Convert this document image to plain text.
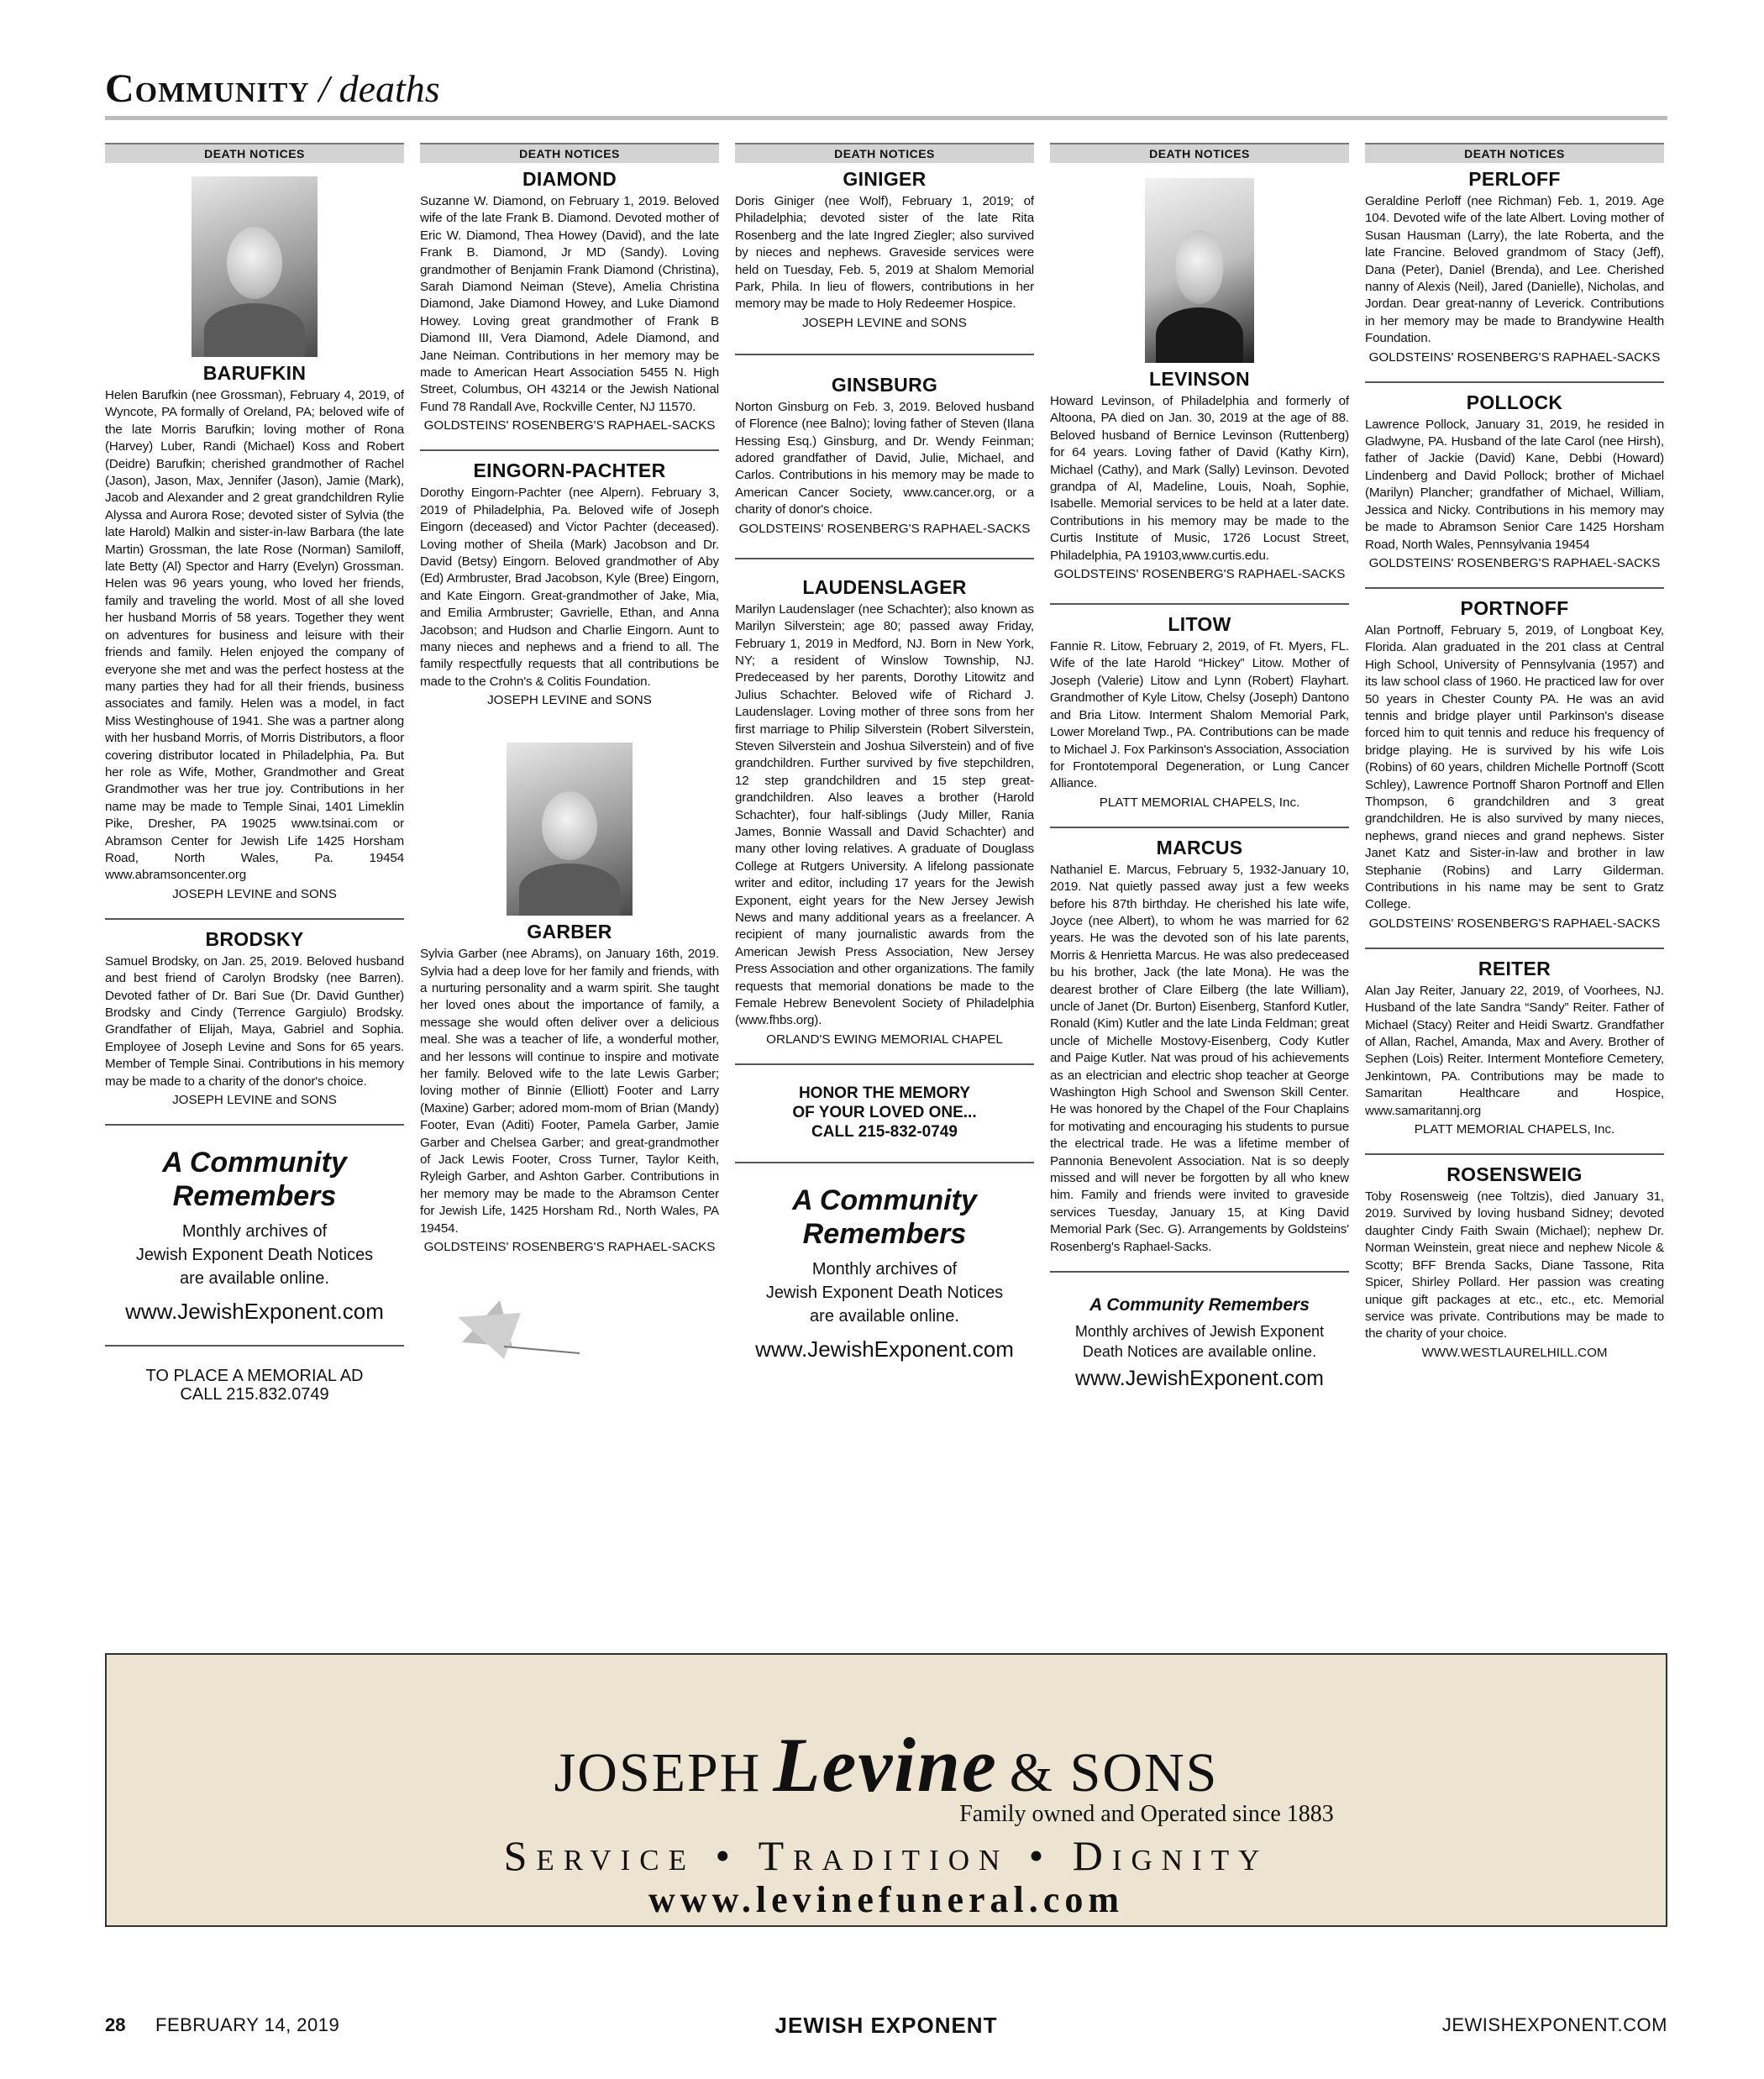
Community / deaths
DEATH NOTICES
BARUFKIN
Helen Barufkin (nee Grossman), February 4, 2019, of Wyncote, PA formally of Oreland, PA; beloved wife of the late Morris Barufkin; loving mother of Rona (Harvey) Luber, Randi (Michael) Koss and Robert (Deidre) Barufkin; cherished grandmother of Rachel (Jason), Jason, Max, Jennifer (Jason), Jamie (Mark), Jacob and Alexander and 2 great grandchildren Rylie Alyssa and Aurora Rose; devoted sister of Sylvia (the late Harold) Malkin and sister-in-law Barbara (the late Martin) Grossman, the late Rose (Norman) Samiloff, late Betty (Al) Spector and Harry (Evelyn) Grossman. Helen was 96 years young, who loved her friends, family and traveling the world. Most of all she loved her husband Morris of 58 years. Together they went on adventures for business and leisure with their friends and family. Helen enjoyed the company of everyone she met and was the perfect hostess at the many parties they had for all their friends, business associates and family. Helen was a model, in fact Miss Westinghouse of 1941. She was a partner along with her husband Morris, of Morris Distributors, a floor covering distributor located in Philadelphia, Pa. But her role as Wife, Mother, Grandmother and Great Grandmother was her true joy. Contributions in her name may be made to Temple Sinai, 1401 Limeklin Pike, Dresher, PA 19025 www.tsinai.com or Abramson Center for Jewish Life 1425 Horsham Road, North Wales, Pa. 19454 www.abramsoncenter.org
JOSEPH LEVINE and SONS
BRODSKY
Samuel Brodsky, on Jan. 25, 2019. Beloved husband and best friend of Carolyn Brodsky (nee Barren). Devoted father of Dr. Bari Sue (Dr. David Gunther) Brodsky and Cindy (Terrence Gargiulo) Brodsky. Grandfather of Elijah, Maya, Gabriel and Sophia. Employee of Joseph Levine and Sons for 65 years. Member of Temple Sinai. Contributions in his memory may be made to a charity of the donor's choice.
JOSEPH LEVINE and SONS
A Community Remembers
Monthly archives of
Jewish Exponent Death Notices
are available online.
www.JewishExponent.com
TO PLACE A MEMORIAL AD
CALL 215.832.0749
DEATH NOTICES
DIAMOND
Suzanne W. Diamond, on February 1, 2019. Beloved wife of the late Frank B. Diamond. Devoted mother of Eric W. Diamond, Thea Howey (David), and the late Frank B. Diamond, Jr MD (Sandy). Loving grandmother of Benjamin Frank Diamond (Christina), Sarah Diamond Neiman (Steve), Amelia Christina Diamond, Jake Diamond Howey, and Luke Diamond Howey. Loving great grandmother of Frank B Diamond III, Vera Diamond, Adele Diamond, and Jane Neiman. Contributions in her memory may be made to American Heart Association 5455 N. High Street, Columbus, OH 43214 or the Jewish National Fund 78 Randall Ave, Rockville Center, NJ 11570.
GOLDSTEINS' ROSENBERG'S RAPHAEL-SACKS
EINGORN-PACHTER
Dorothy Eingorn-Pachter (nee Alpern). February 3, 2019 of Philadelphia, Pa. Beloved wife of Joseph Eingorn (deceased) and Victor Pachter (deceased). Loving mother of Sheila (Mark) Jacobson and Dr. David (Betsy) Eingorn. Beloved grandmother of Aby (Ed) Armbruster, Brad Jacobson, Kyle (Bree) Eingorn, and Kate Eingorn. Great-grandmother of Jake, Mia, and Emilia Armbruster; Gavrielle, Ethan, and Anna Jacobson; and Hudson and Charlie Eingorn. Aunt to many nieces and nephews and a friend to all. The family respectfully requests that all contributions be made to the Crohn's & Colitis Foundation.
JOSEPH LEVINE and SONS
GARBER
Sylvia Garber (nee Abrams), on January 16th, 2019. Sylvia had a deep love for her family and friends, with a nurturing personality and a warm spirit. She taught her loved ones about the importance of family, a message she would often deliver over a delicious meal. She was a teacher of life, a wonderful mother, and her lessons will continue to inspire and motivate her family. Beloved wife to the late Lewis Garber; loving mother of Binnie (Elliott) Footer and Larry (Maxine) Garber; adored mom-mom of Brian (Mandy) Footer, Evan (Aditi) Footer, Pamela Garber, Jamie Garber and Chelsea Garber; and great-grandmother of Jack Lewis Footer, Cross Turner, Taylor Keith, Ryleigh Garber, and Ashton Garber. Contributions in her memory may be made to the Abramson Center for Jewish Life, 1425 Horsham Rd., North Wales, PA 19454.
GOLDSTEINS' ROSENBERG'S RAPHAEL-SACKS
DEATH NOTICES
GINIGER
Doris Giniger (nee Wolf), February 1, 2019; of Philadelphia; devoted sister of the late Rita Rosenberg and the late Ingred Ziegler; also survived by nieces and nephews. Graveside services were held on Tuesday, Feb. 5, 2019 at Shalom Memorial Park, Phila. In lieu of flowers, contributions in her memory may be made to Holy Redeemer Hospice.
JOSEPH LEVINE and SONS
GINSBURG
Norton Ginsburg on Feb. 3, 2019. Beloved husband of Florence (nee Balno); loving father of Steven (Ilana Hessing Esq.) Ginsburg, and Dr. Wendy Feinman; adored grandfather of David, Julie, Michael, and Carlos. Contributions in his memory may be made to American Cancer Society, www.cancer.org, or a charity of donor's choice.
GOLDSTEINS' ROSENBERG'S RAPHAEL-SACKS
LAUDENSLAGER
Marilyn Laudenslager (nee Schachter); also known as Marilyn Silverstein; age 80; passed away Friday, February 1, 2019 in Medford, NJ. Born in New York, NY; a resident of Winslow Township, NJ. Predeceased by her parents, Dorothy Litowitz and Julius Schachter. Beloved wife of Richard J. Laudenslager. Loving mother of three sons from her first marriage to Philip Silverstein (Robert Silverstein, Steven Silverstein and Joshua Silverstein) and of five grandchildren. Further survived by five stepchildren, 12 step grandchildren and 15 step great-grandchildren. Also leaves a brother (Harold Schachter), four half-siblings (Judy Miller, Rania James, Bonnie Wassall and David Schachter) and many other loving relatives. A graduate of Douglass College at Rutgers University. A lifelong passionate writer and editor, including 17 years for the Jewish Exponent, eight years for the New Jersey Jewish News and many additional years as a freelancer. A recipient of many journalistic awards from the American Jewish Press Association, New Jersey Press Association and other organizations. The family requests that memorial donations be made to the Female Hebrew Benevolent Society of Philadelphia (www.fhbs.org).
ORLAND'S EWING MEMORIAL CHAPEL
HONOR THE MEMORY
OF YOUR LOVED ONE...
CALL 215-832-0749
A Community Remembers
Monthly archives of
Jewish Exponent Death Notices
are available online.
www.JewishExponent.com
DEATH NOTICES
LEVINSON
Howard Levinson, of Philadelphia and formerly of Altoona, PA died on Jan. 30, 2019 at the age of 88. Beloved husband of Bernice Levinson (Ruttenberg) for 64 years. Loving father of David (Kathy Kirn), Michael (Cathy), and Mark (Sally) Levinson. Devoted grandpa of Al, Madeline, Louis, Noah, Sophie, Isabelle. Memorial services to be held at a later date. Contributions in his memory may be made to the Curtis Institute of Music, 1726 Locust Street, Philadelphia, PA 19103,www.curtis.edu.
GOLDSTEINS' ROSENBERG'S RAPHAEL-SACKS
LITOW
Fannie R. Litow, February 2, 2019, of Ft. Myers, FL. Wife of the late Harold “Hickey” Litow. Mother of Joseph (Valerie) Litow and Lynn (Robert) Flayhart. Grandmother of Kyle Litow, Chelsy (Joseph) Dantono and Bria Litow. Interment Shalom Memorial Park, Lower Moreland Twp., PA. Contributions can be made to Michael J. Fox Parkinson's Association, Association for Frontotemporal Degeneration, or Lung Cancer Alliance.
PLATT MEMORIAL CHAPELS, Inc.
MARCUS
Nathaniel E. Marcus, February 5, 1932-January 10, 2019. Nat quietly passed away just a few weeks before his 87th birthday. He cherished his late wife, Joyce (nee Albert), to whom he was married for 62 years. He was the devoted son of his late parents, Morris & Henrietta Marcus. He was also predeceased bu his brother, Jack (the late Mona). He was the dearest brother of Clare Eilberg (the late William), uncle of Janet (Dr. Burton) Eisenberg, Stanford Kutler, Ronald (Kim) Kutler and the late Linda Feldman; great uncle of Michelle Mostovy-Eisenberg, Cody Kutler and Paige Kutler. Nat was proud of his achievements as an electrician and electric shop teacher at George Washington High School and Swenson Skill Center. He was honored by the Chapel of the Four Chaplains for motivating and encouraging his students to pursue the electrical trade. He was a lifetime member of Pannonia Benevolent Association. Nat is so deeply missed and will never be forgotten by all who knew him. Family and friends were invited to graveside services Tuesday, January 15, at King David Memorial Park (Sec. G). Arrangements by Goldsteins' Rosenberg's Raphael-Sacks.
A Community Remembers
Monthly archives of Jewish Exponent
Death Notices are available online.
www.JewishExponent.com
DEATH NOTICES
PERLOFF
Geraldine Perloff (nee Richman) Feb. 1, 2019. Age 104. Devoted wife of the late Albert. Loving mother of Susan Hausman (Larry), the late Roberta, and the late Francine. Beloved grandmom of Stacy (Jeff), Dana (Peter), Daniel (Brenda), and Lee. Cherished nanny of Alexis (Neil), Jared (Danielle), Nicholas, and Jordan. Dear great-nanny of Leverick. Contributions in her memory may be made to Brandywine Health Foundation.
GOLDSTEINS' ROSENBERG'S RAPHAEL-SACKS
POLLOCK
Lawrence Pollock, January 31, 2019, he resided in Gladwyne, PA. Husband of the late Carol (nee Hirsh), father of Jackie (David) Kane, Debbi (Howard) Lindenberg and David Pollock; brother of Michael (Marilyn) Plancher; grandfather of Michael, William, Jessica and Nicky. Contributions in his memory may be made to Abramson Senior Care 1425 Horsham Road, North Wales, Pennsylvania 19454
GOLDSTEINS' ROSENBERG'S RAPHAEL-SACKS
PORTNOFF
Alan Portnoff, February 5, 2019, of Longboat Key, Florida. Alan graduated in the 201 class at Central High School, University of Pennsylvania (1957) and its law school class of 1960. He practiced law for over 50 years in Chester County PA. He was an avid tennis and bridge player until Parkinson's disease forced him to quit tennis and reduce his frequency of bridge playing. He is survived by his wife Lois (Robins) of 60 years, children Michelle Portnoff (Scott Schley), Lawrence Portnoff Sharon Portnoff and Ellen Thompson, 6 grandchildren and 3 great grandchildren. He is also survived by many nieces, nephews, grand nieces and grand nephews. Sister Janet Katz and Sister-in-law and brother in law Stephanie (Robins) and Larry Gilderman. Contributions in his name may be sent to Gratz College.
GOLDSTEINS' ROSENBERG'S RAPHAEL-SACKS
REITER
Alan Jay Reiter, January 22, 2019, of Voorhees, NJ. Husband of the late Sandra “Sandy” Reiter. Father of Michael (Stacy) Reiter and Heidi Swartz. Grandfather of Allan, Rachel, Amanda, Max and Avery. Brother of Sephen (Lois) Reiter. Interment Montefiore Cemetery, Jenkintown, PA. Contributions may be made to Samaritan Healthcare and Hospice, www.samaritannj.org
PLATT MEMORIAL CHAPELS, Inc.
ROSENSWEIG
Toby Rosensweig (nee Toltzis), died January 31, 2019. Survived by loving husband Sidney; devoted daughter Cindy Faith Swain (Michael); nephew Dr. Norman Weinstein, great niece and nephew Nicole & Scotty; BFF Brenda Sacks, Diane Tassone, Rita Spicer, Shirley Pollard. Her passion was creating unique gift packages at etc., etc., etc. Memorial service was private. Contributions may be made to the charity of your choice.
WWW.WESTLAURELHILL.COM
JOSEPH Levine & SONS
Family owned and Operated since 1883
Service • Tradition • Dignity
www.levinefuneral.com
28 FEBRUARY 14, 2019	JEWISH EXPONENT	JEWISHEXPONENT.COM
